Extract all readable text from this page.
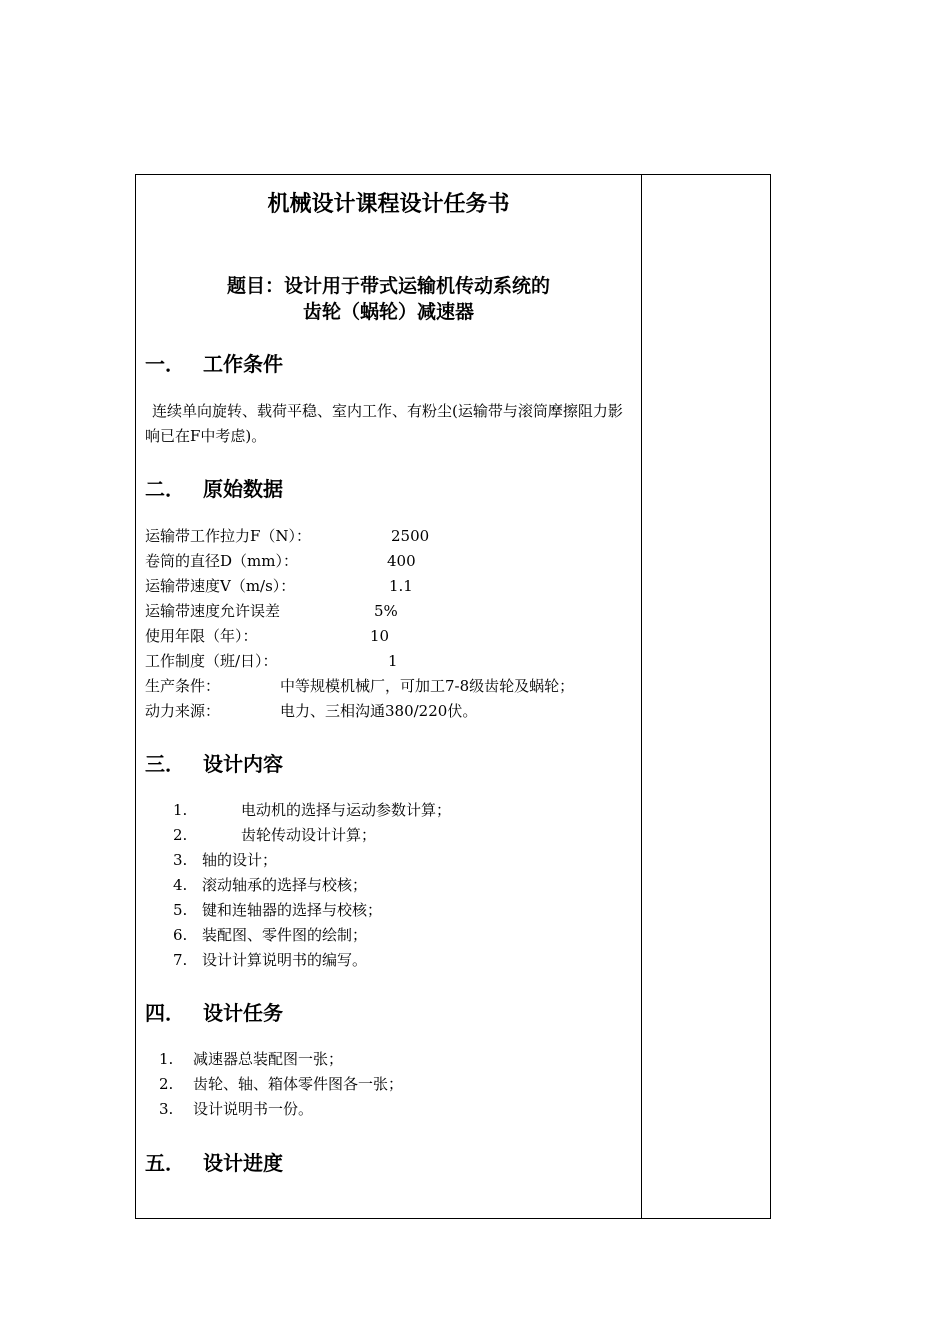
机械设计课程设计任务书
题目：设计用于带式运输机传动系统的
齿轮（蜗轮）减速器
一． 工作条件
连续单向旋转、载荷平稳、室内工作、有粉尘(运输带与滚筒摩擦阻力影响已在F中考虑)。
二． 原始数据
运输带工作拉力F（N）：	2500
卷筒的直径D（mm）：	400
运输带速度V（m/s）：	1.1
运输带速度允许误差	5%
使用年限（年）：	10
工作制度（班/日）：	1
生产条件：	中等规模机械厂，可加工7-8级齿轮及蜗轮；
动力来源：	电力、三相沟通380/220伏。
三． 设计内容
1.	电动机的选择与运动参数计算；
2.	齿轮传动设计计算；
3. 轴的设计；
4. 滚动轴承的选择与校核；
5. 键和连轴器的选择与校核；
6. 装配图、零件图的绘制；
7. 设计计算说明书的编写。
四． 设计任务
1. 减速器总装配图一张；
2. 齿轮、轴、箱体零件图各一张；
3. 设计说明书一份。
五． 设计进度
